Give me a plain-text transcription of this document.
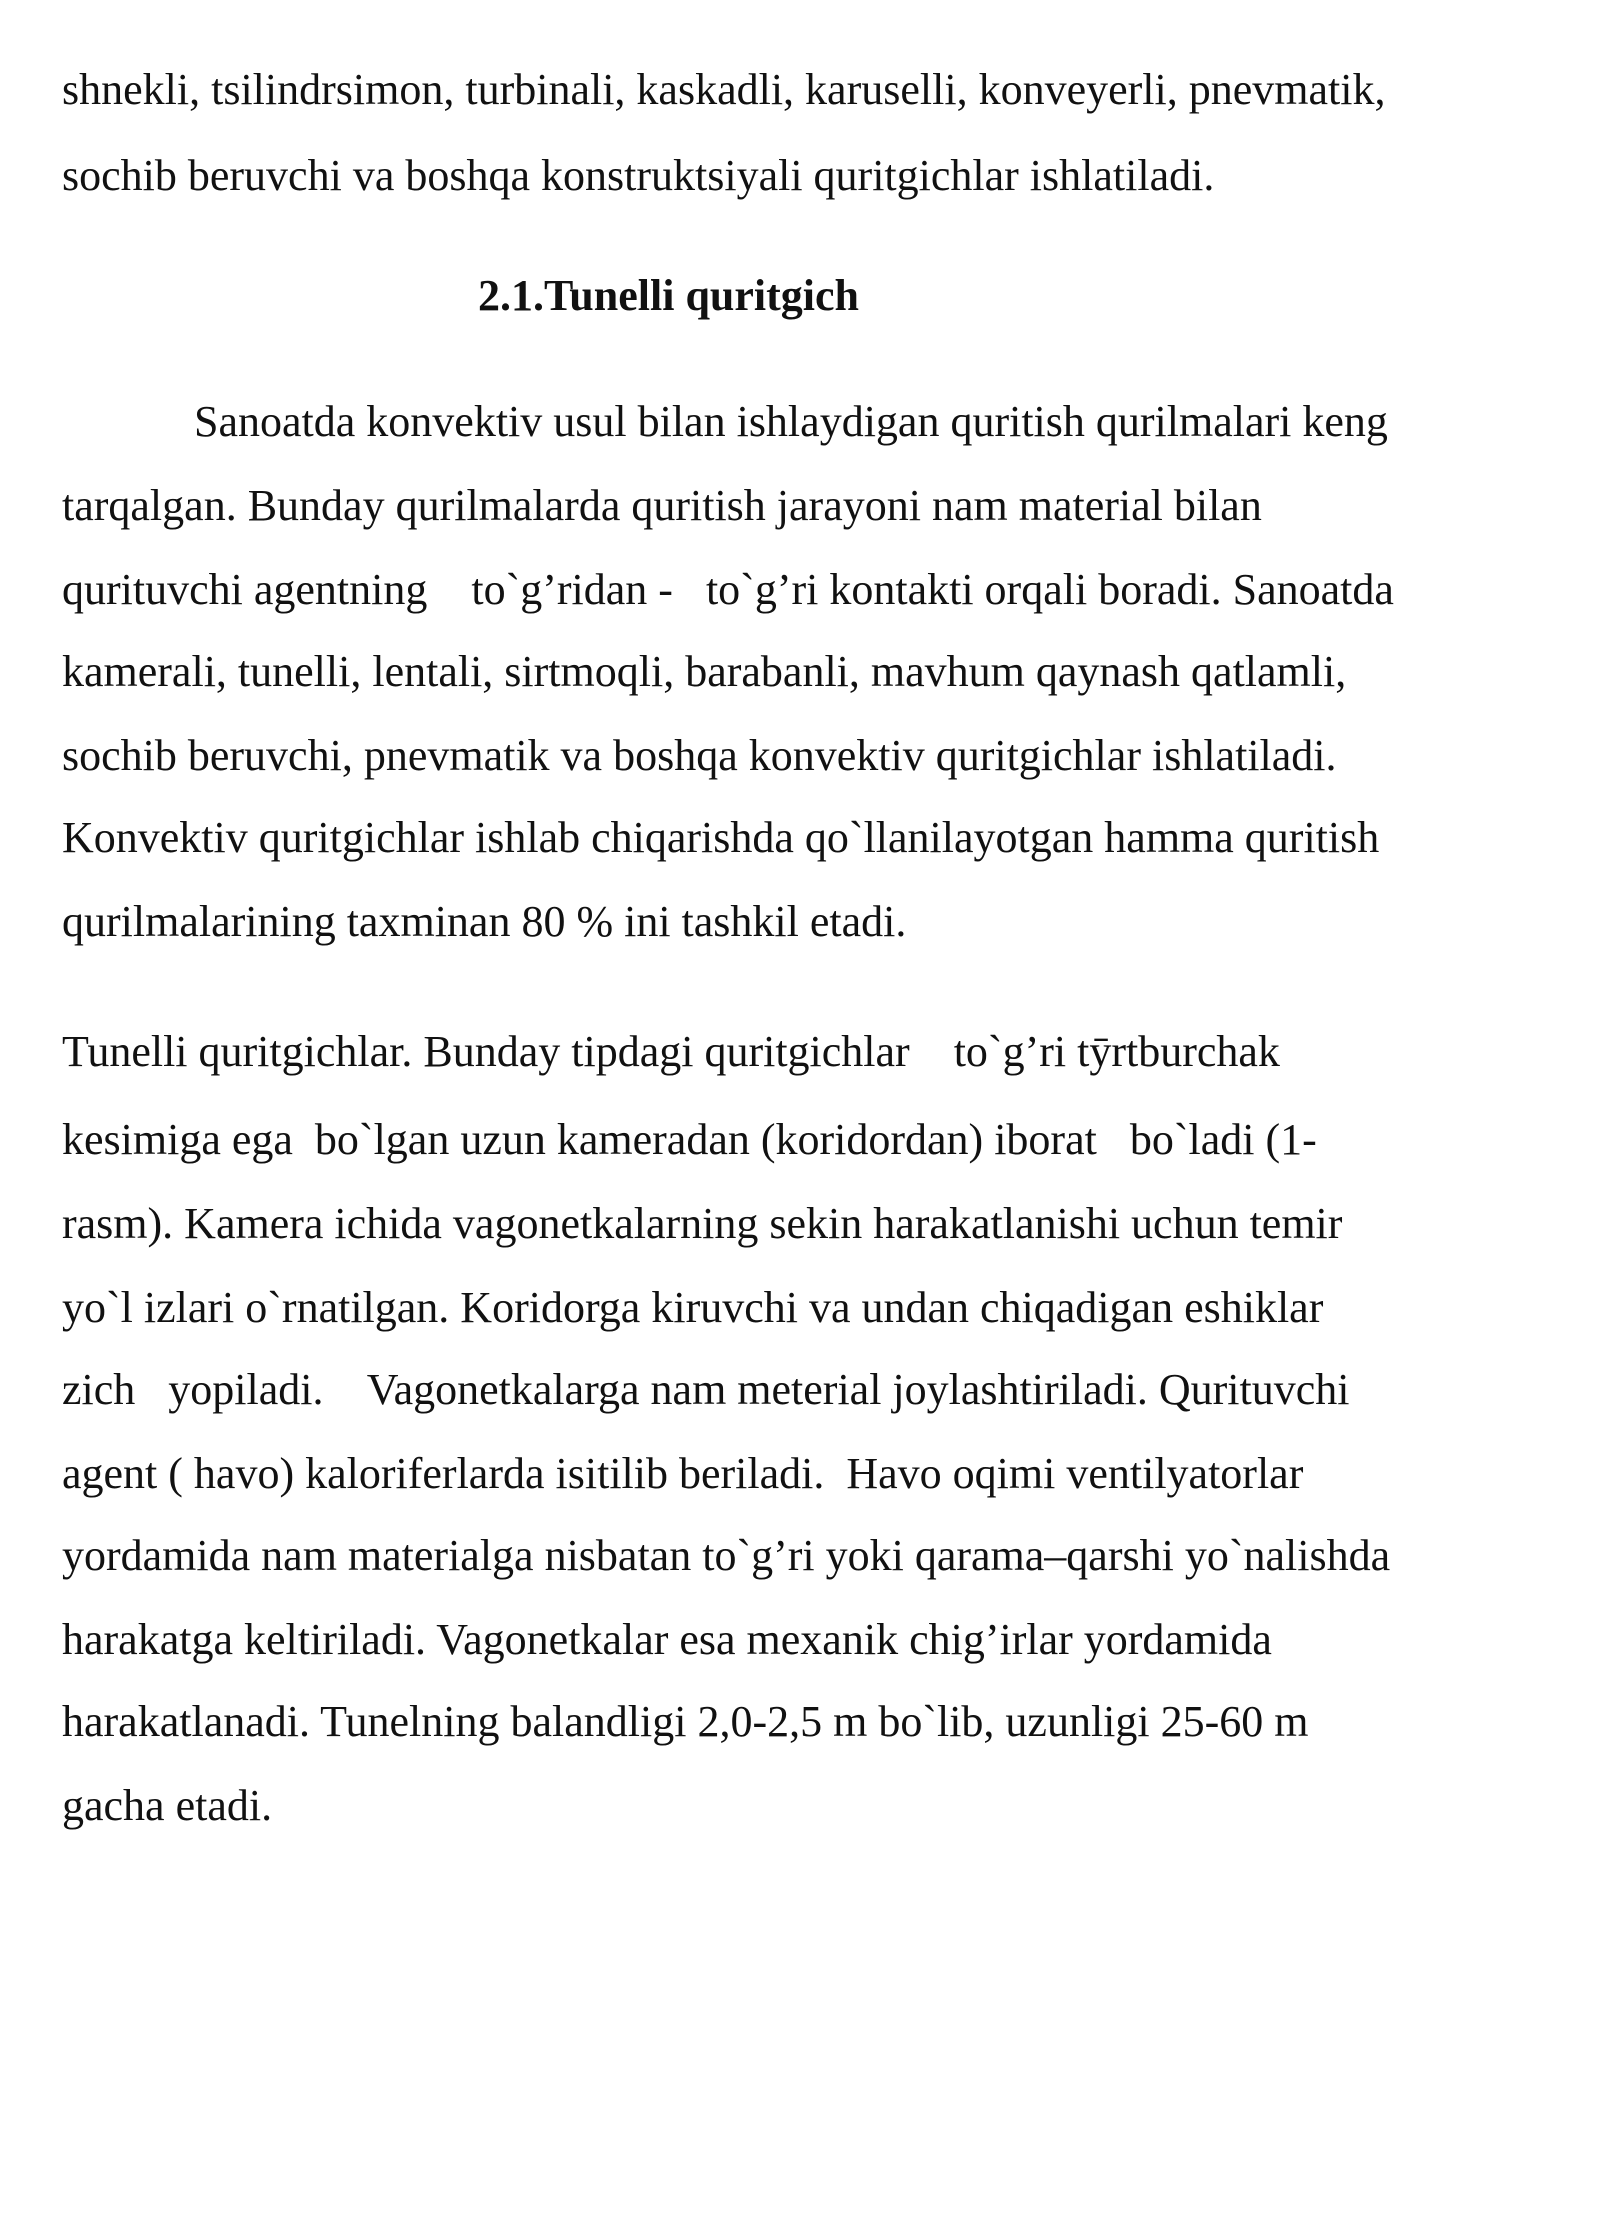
shnekli, tsilindrsimon, turbinali, kaskadli, karuselli, konveyerli, pnevmatik,
sochib beruvchi va boshqa konstruktsiyali quritgichlar ishlatiladi.
2.1.Tunelli quritgich
Sanoatda konvektiv usul bilan ishlaydigan quritish qurilmalari keng
tarqalgan. Bunday qurilmalarda quritish jarayoni nam material bilan
qurituvchi agentning    to`g’ridan -   to`g’ri kontakti orqali boradi. Sanoatda
kamerali, tunelli, lentali, sirtmoqli, barabanli, mavhum qaynash qatlamli,
sochib beruvchi, pnevmatik va boshqa konvektiv quritgichlar ishlatiladi.
Konvektiv quritgichlar ishlab chiqarishda qo`llanilayotgan hamma quritish
qurilmalarining taxminan 80 % ini tashkil etadi.
Tunelli quritgichlar. Bunday tipdagi quritgichlar    to`g’ri tӯrtburchak
kesimiga ega  bo`lgan uzun kameradan (koridordan) iborat   bo`ladi (1-
rasm). Kamera ichida vagonetkalarning sekin harakatlanishi uchun temir
yo`l izlari o`rnatilgan. Koridorga kiruvchi va undan chiqadigan eshiklar
zich   yopiladi.    Vagonetkalarga nam meterial joylashtiriladi. Qurituvchi
agent ( havo) kaloriferlarda isitilib beriladi.  Havo oqimi ventilyatorlar
yordamida nam materialga nisbatan to`g’ri yoki qarama–qarshi yo`nalishda
harakatga keltiriladi. Vagonetkalar esa mexanik chig’irlar yordamida
harakatlanadi. Tunelning balandligi 2,0-2,5 m bo`lib, uzunligi 25-60 m
gacha etadi.
